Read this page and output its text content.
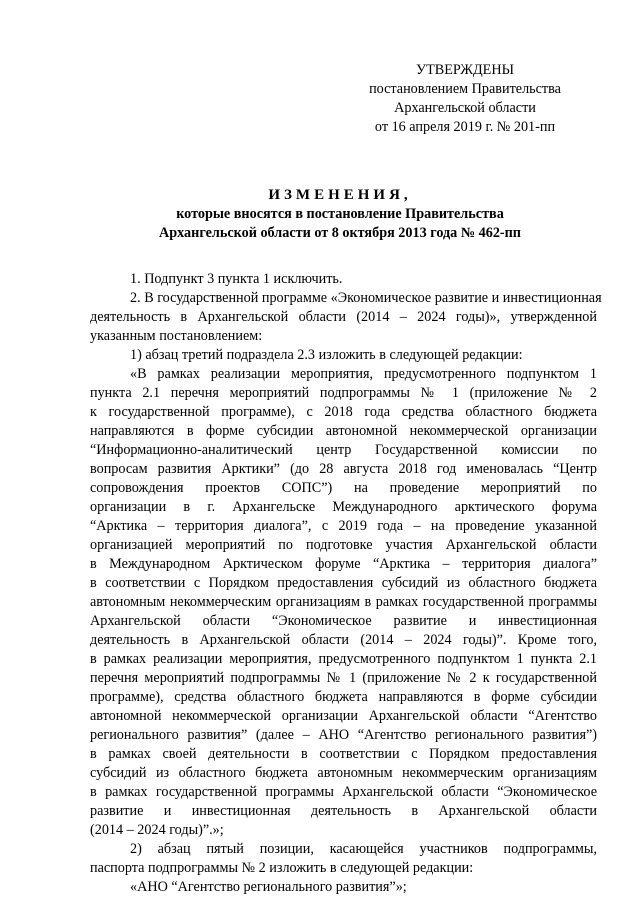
УТВЕРЖДЕНЫ
постановлением Правительства
Архангельской области
от 16 апреля 2019 г. № 201-пп
ИЗМЕНЕНИЯ,
которые вносятся в постановление Правительства
Архангельской области от 8 октября 2013 года № 462-пп
1. Подпункт 3 пункта 1 исключить.
2. В государственной программе «Экономическое развитие и инвестиционная
деятельность в Архангельской области (2014 – 2024 годы)», утвержденной
указанным постановлением:
1) абзац третий подраздела 2.3 изложить в следующей редакции:
«В рамках реализации мероприятия, предусмотренного подпунктом 1
пункта 2.1 перечня мероприятий подпрограммы № 1 (приложение № 2
к государственной программе), с 2018 года средства областного бюджета
направляются в форме субсидии автономной некоммерческой организации
“Информационно-аналитический центр Государственной комиссии по
вопросам развития Арктики” (до 28 августа 2018 год именовалась “Центр
сопровождения проектов СОПС”) на проведение мероприятий по
организации в г. Архангельске Международного арктического форума
“Арктика – территория диалога”, с 2019 года – на проведение указанной
организацией мероприятий по подготовке участия Архангельской области
в Международном Арктическом форуме “Арктика – территория диалога”
в соответствии с Порядком предоставления субсидий из областного бюджета
автономным некоммерческим организациям в рамках государственной программы
Архангельской области “Экономическое развитие и инвестиционная
деятельность в Архангельской области (2014 – 2024 годы)”. Кроме того,
в рамках реализации мероприятия, предусмотренного подпунктом 1 пункта 2.1
перечня мероприятий подпрограммы № 1 (приложение № 2 к государственной
программе), средства областного бюджета направляются в форме субсидии
автономной некоммерческой организации Архангельской области “Агентство
регионального развития” (далее – АНО “Агентство регионального развития”)
в рамках своей деятельности в соответствии с Порядком предоставления
субсидий из областного бюджета автономным некоммерческим организациям
в рамках государственной программы Архангельской области “Экономическое
развитие и инвестиционная деятельность в Архангельской области
(2014 – 2024 годы)”.»;
2) абзац пятый позиции, касающейся участников подпрограммы,
паспорта подпрограммы № 2 изложить в следующей редакции:
«АНО “Агентство регионального развития”»;
